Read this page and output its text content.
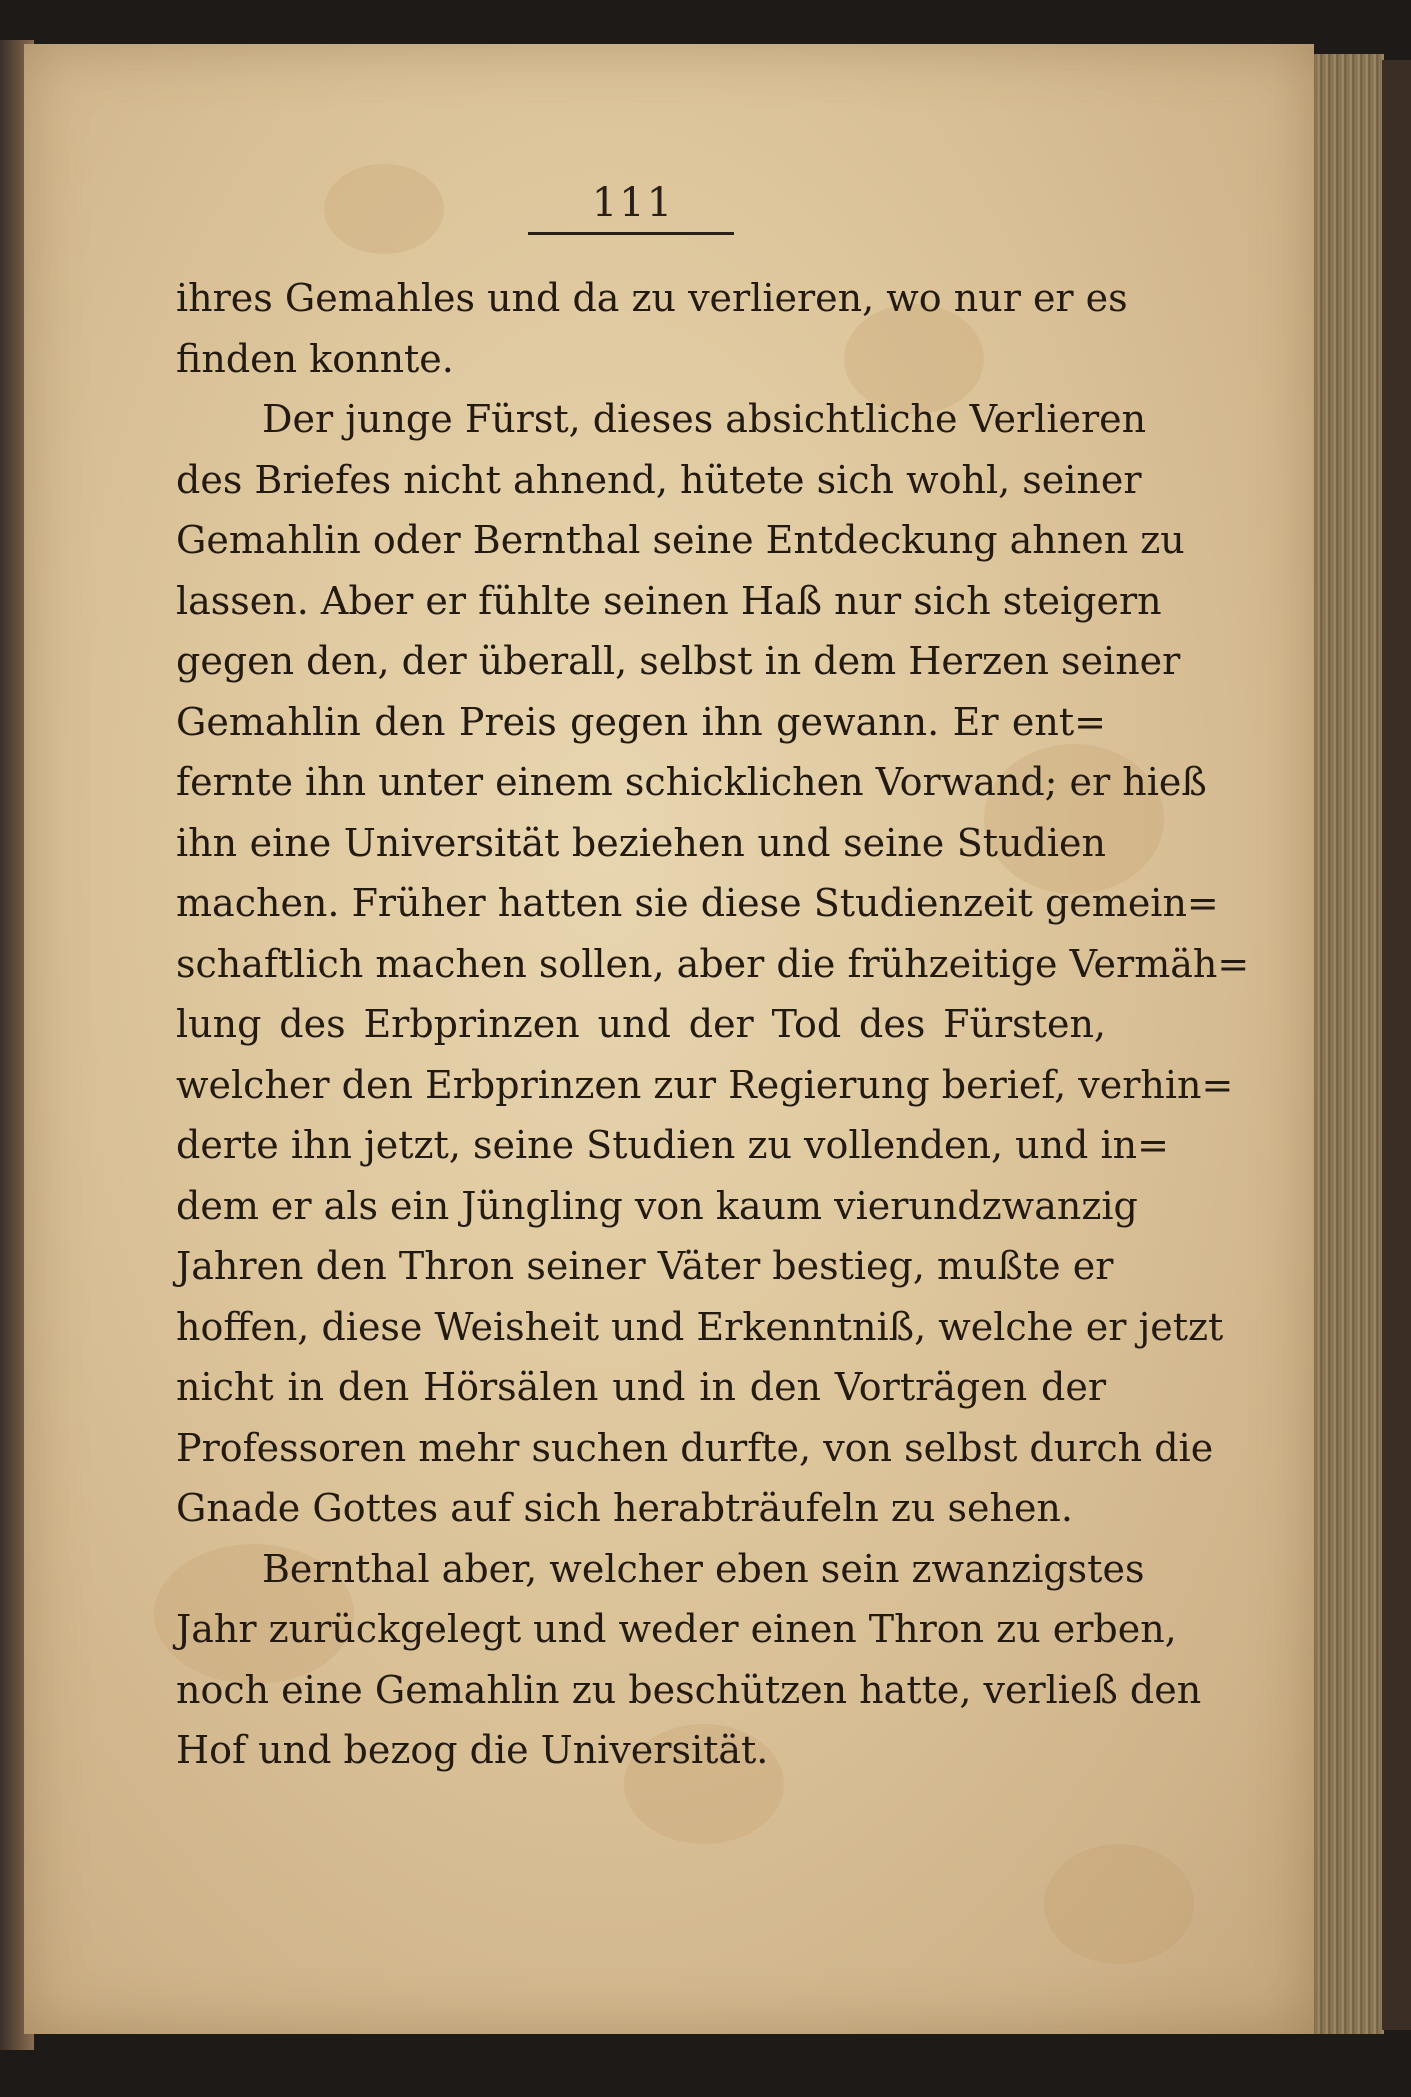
111
ihres Gemahles und da zu verlieren, wo nur er es
finden konnte.
Der junge Fürst, dieses absichtliche Verlieren
des Briefes nicht ahnend, hütete sich wohl, seiner
Gemahlin oder Bernthal seine Entdeckung ahnen zu
lassen. Aber er fühlte seinen Haß nur sich steigern
gegen den, der überall, selbst in dem Herzen seiner
Gemahlin den Preis gegen ihn gewann. Er ent=
fernte ihn unter einem schicklichen Vorwand; er hieß
ihn eine Universität beziehen und seine Studien
machen. Früher hatten sie diese Studienzeit gemein=
schaftlich machen sollen, aber die frühzeitige Vermäh=
lung des Erbprinzen und der Tod des Fürsten,
welcher den Erbprinzen zur Regierung berief, verhin=
derte ihn jetzt, seine Studien zu vollenden, und in=
dem er als ein Jüngling von kaum vierundzwanzig
Jahren den Thron seiner Väter bestieg, mußte er
hoffen, diese Weisheit und Erkenntniß, welche er jetzt
nicht in den Hörsälen und in den Vorträgen der
Professoren mehr suchen durfte, von selbst durch die
Gnade Gottes auf sich herabträufeln zu sehen.
Bernthal aber, welcher eben sein zwanzigstes
Jahr zurückgelegt und weder einen Thron zu erben,
noch eine Gemahlin zu beschützen hatte, verließ den
Hof und bezog die Universität.
